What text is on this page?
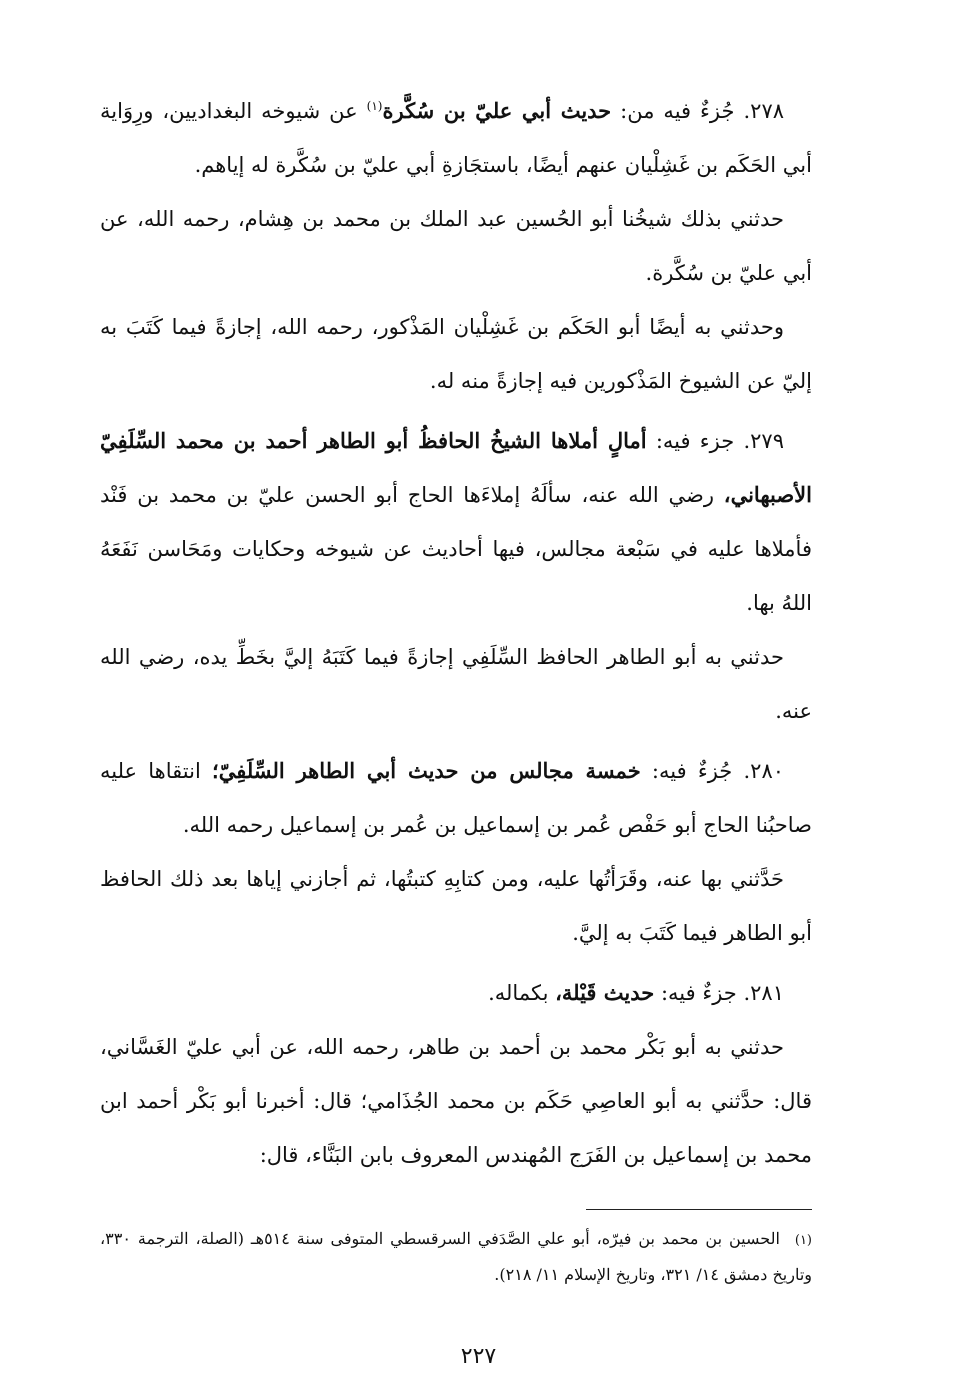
٢٧٨. جُزءٌ فيه من: حديث أبي عليّ بن سُكَّرة$^{(١)}$ عن شيوخه البغداديين، ورِوَاية أبي الحَكَم بن غَشِلْيان عنهم أيضًا، باستجَازةِ أبي عليّ بن سُكَّرة له إياهم.

حدثني بذلك شيخُنا أبو الحُسين عبد الملك بن محمد بن هِشام، رحمه الله، عن أبي عليّ بن سُكَّرة.

وحدثني به أيضًا أبو الحَكَم بن غَشِلْيان المَذْكور، رحمه الله، إجازةً فيما كَتَبَ به إليّ عن الشيوخ المَذْكورين فيه إجازةً منه له.

٢٧٩. جزء فيه: أمالٍ أملاها الشيخُ الحافظُ أبو الطاهر أحمد بن محمد السِّلَفِيّ الأصبهاني، رضي الله عنه، سألَهُ إملاءَها الحاج أبو الحسن عليّ بن محمد بن فَنْد فأملاها عليه في سَبْعة مجالس، فيها أحاديث عن شيوخه وحكايات ومَحَاسن نَفَعَهُ اللهُ بها.

حدثني به أبو الطاهر الحافظ السِّلَفِي إجازةً فيما كَتَبَهُ إليَّ بخَطِّ يده، رضي الله عنه.

٢٨٠. جُزءٌ فيه: خمسة مجالس من حديث أبي الطاهر السِّلَفِيّ؛ انتقاها عليه صاحبُنا الحاج أبو حَفْص عُمر بن إسماعيل بن عُمر بن إسماعيل رحمه الله.

حَدَّثني بها عنه، وقَرَأتُها عليه، ومن كتابِهِ كتبتُها، ثم أجازني إياها بعد ذلك الحافظ أبو الطاهر فيما كَتَبَ به إليَّ.

٢٨١. جزءٌ فيه: حديث قَيْلة، بكماله.

حدثني به أبو بَكْر محمد بن أحمد بن طاهر، رحمه الله، عن أبي عليّ الغَسَّاني، قال: حدَّثني به أبو العاصِي حَكَم بن محمد الجُذَامي؛ قال: أخبرنا أبو بَكْر أحمد ابن محمد بن إسماعيل بن الفَرَج المُهندس المعروف بابن البَنَّاء، قال:

(١) الحسين بن محمد بن فيرّه، أبو علي الصَّدَفي السرقسطي المتوفى سنة ٥١٤هـ (الصلة، الترجمة ٣٣٠، وتاريخ دمشق ١٤/ ٣٢١، وتاريخ الإسلام ١١/ ٢١٨).
٢٢٧
